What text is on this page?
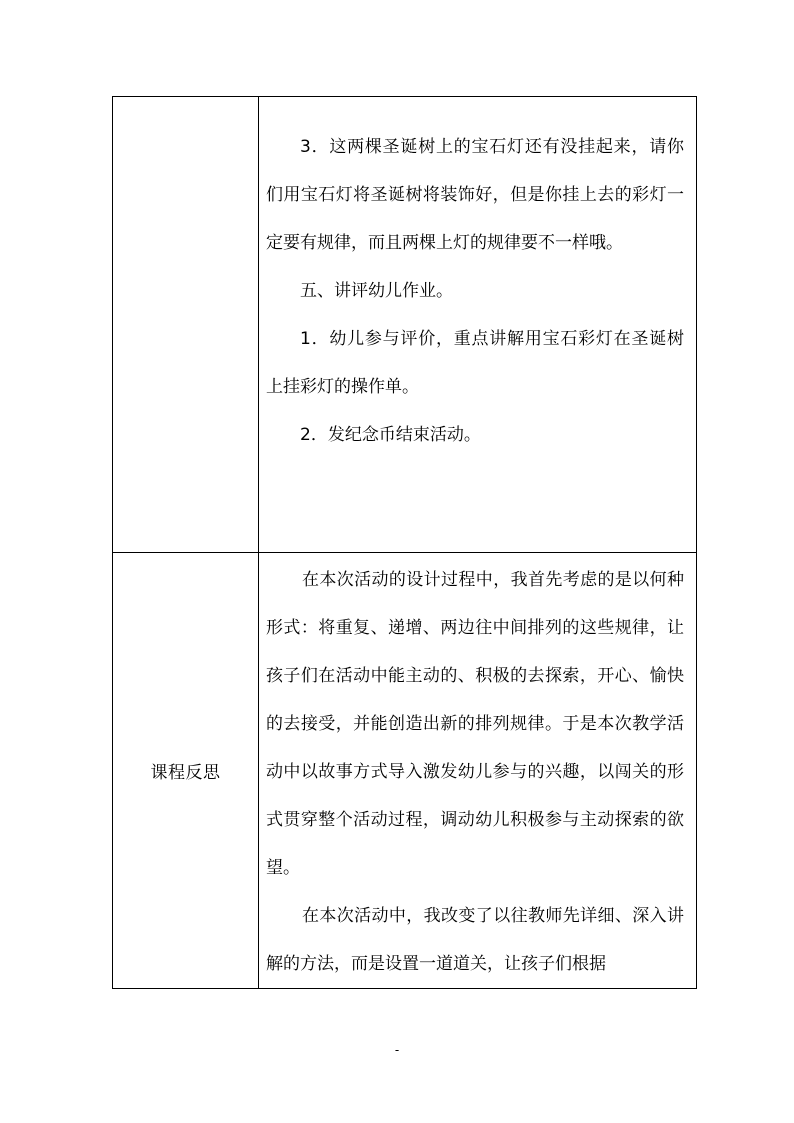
	3．这两棵圣诞树上的宝石灯还有没挂起来，请你们用宝石灯将圣诞树将装饰好，但是你挂上去的彩灯一定要有规律，而且两棵上灯的规律要不一样哦。

五、讲评幼儿作业。

1．幼儿参与评价，重点讲解用宝石彩灯在圣诞树上挂彩灯的操作单。

2．发纪念币结束活动。

课程反思	在本次活动的设计过程中，我首先考虑的是以何种形式：将重复、递增、两边往中间排列的这些规律，让孩子们在活动中能主动的、积极的去探索，开心、愉快的去接受，并能创造出新的排列规律。于是本次教学活动中以故事方式导入激发幼儿参与的兴趣，以闯关的形式贯穿整个活动过程，调动幼儿积极参与主动探索的欲望。

在本次活动中，我改变了以往教师先详细、深入讲解的方法，而是设置一道道关，让孩子们根据

-
